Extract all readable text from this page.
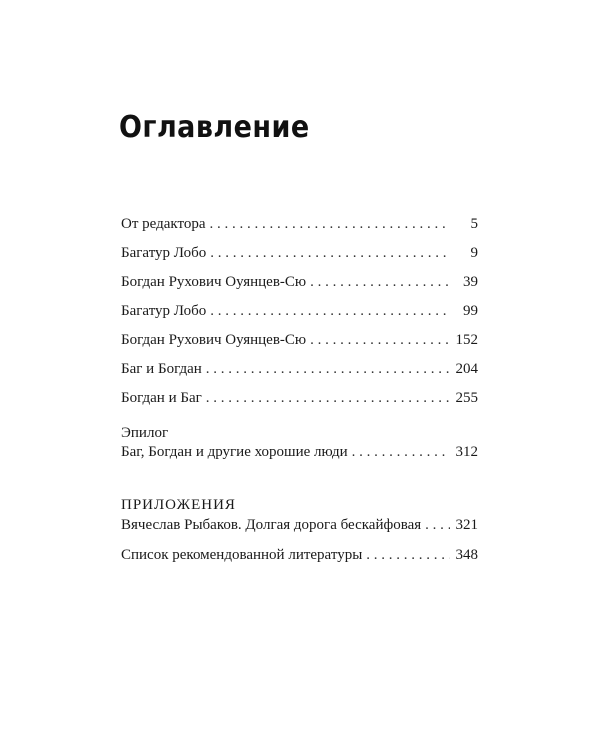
Оглавление
От редактора . . .	5
Багатур Лобо . . .	9
Богдан Рухович Оуянцев-Сю . . .	39
Багатур Лобо . . .	99
Богдан Рухович Оуянцев-Сю . . .	152
Баг и Богдан . . .	204
Богдан и Баг . . .	255
Эпилог
Баг, Богдан и другие хорошие люди . . .	312
ПРИЛОЖЕНИЯ
Вячеслав Рыбаков. Долгая дорога бескайфовая . . . 321
Список рекомендованной литературы . . .	348
